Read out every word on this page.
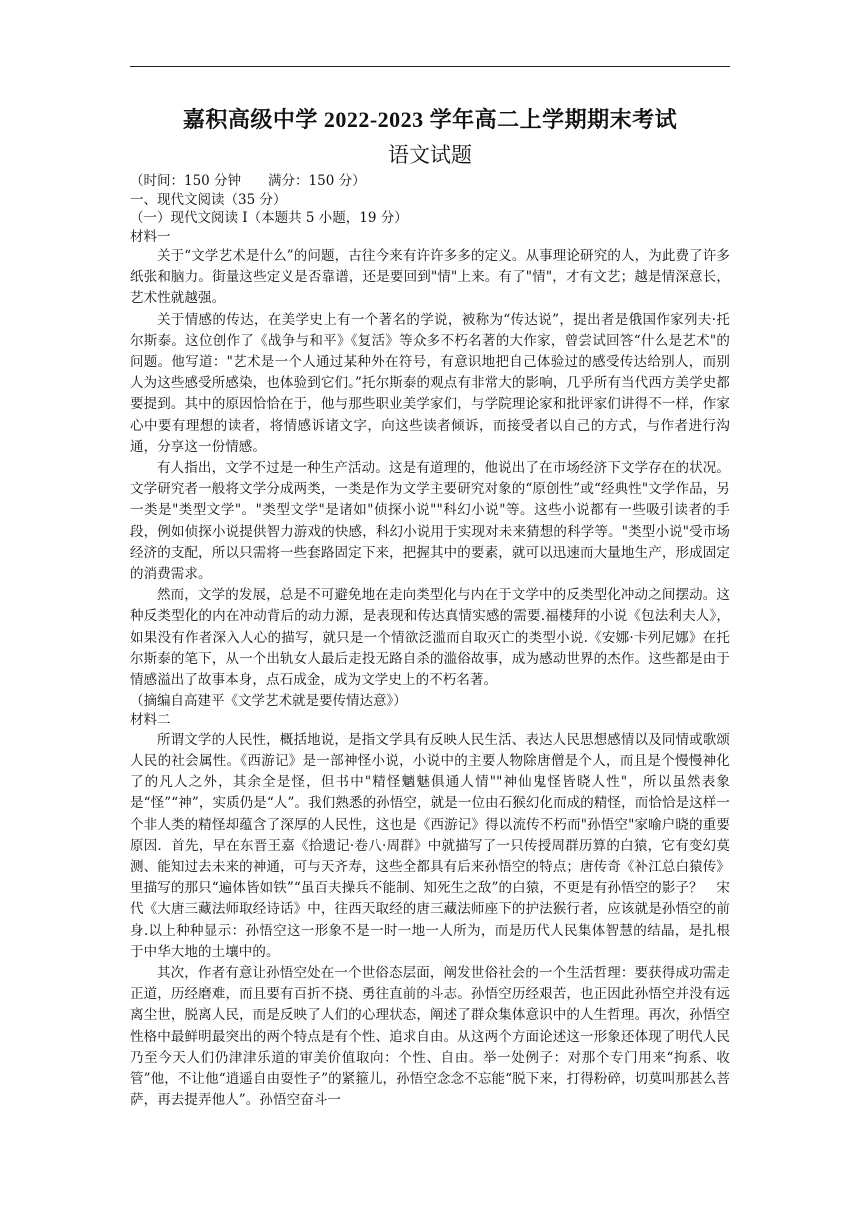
嘉积高级中学 2022-2023 学年高二上学期期末考试
语文试题

（时间：150 分钟　　满分：150 分）

一、现代文阅读（35 分）

（一）现代文阅读 I（本题共 5 小题，19 分）

材料一

关于“文学艺术是什么”的问题，古往今来有许许多多的定义。从事理论研究的人，为此费了许多纸张和脑力。街量这些定义是否靠谱，还是要回到"情"上来。有了"情"，才有文艺；越是情深意长，艺术性就越强。

关于情感的传达，在美学史上有一个著名的学说，被称为“传达说”，提出者是俄国作家列夫·托尔斯泰。这位创作了《战争与和平》《复活》等众多不朽名著的大作家，曾尝试回答“什么是艺术"的问题。他写道："艺术是一个人通过某种外在符号，有意识地把自己体验过的感受传达给别人，而别人为这些感受所感染，也体验到它们。”托尔斯泰的观点有非常大的影响，几乎所有当代西方美学史都要提到。其中的原因恰恰在于，他与那些职业美学家们，与学院理论家和批评家们讲得不一样，作家心中要有理想的读者，将情感诉诸文字，向这些读者倾诉，而接受者以自己的方式，与作者进行沟通，分享这一份情感。

有人指出，文学不过是一种生产活动。这是有道理的，他说出了在市场经济下文学存在的状况。文学研究者一般将文学分成两类，一类是作为文学主要研究对象的“原创性”或“经典性"文学作品，另一类是"类型文学"。"类型文学"是诸如"侦探小说""科幻小说"等。这些小说都有一些吸引读者的手段，例如侦探小说提供智力游戏的快感，科幻小说用于实现对未来猜想的科学等。"类型小说"受市场经济的支配，所以只需将一些套路固定下来，把握其中的要素，就可以迅速而大量地生产，形成固定的消费需求。

然而，文学的发展，总是不可避免地在走向类型化与内在于文学中的反类型化冲动之间摆动。这种反类型化的内在冲动背后的动力源，是表现和传达真情实感的需要.福楼拜的小说《包法利夫人》，如果没有作者深入人心的描写，就只是一个情欲泛滥而自取灭亡的类型小说.《安娜·卡列尼娜》在托尔斯泰的笔下，从一个出轨女人最后走投无路自杀的滥俗故事，成为感动世界的杰作。这些都是由于情感溢出了故事本身，点石成金，成为文学史上的不朽名著。

（摘编自高建平《文学艺术就是要传情达意》）

材料二

所谓文学的人民性，概括地说，是指文学具有反映人民生活、表达人民思想感情以及同情或歌颂人民的社会属性。《西游记》是一部神怪小说，小说中的主要人物除唐僧是个人，而且是个慢慢神化了的凡人之外，其余全是怪，但书中"精怪魑魅俱通人情""神仙鬼怪皆晓人性"，所以虽然表象是“怪”“神”，实质仍是“人”。我们熟悉的孙悟空，就是一位由石猴幻化而成的精怪，而恰恰是这样一个非人类的精怪却蕴含了深厚的人民性，这也是《西游记》得以流传不朽而"孙悟空"家喻户晓的重要原因．首先，早在东晋王嘉《拾遗记·卷八·周群》中就描写了一只传授周群历算的白猿，它有变幻莫测、能知过去未来的神通，可与天齐寿，这些全都具有后来孙悟空的特点；唐传奇《补江总白猿传》里描写的那只“遍体皆如铁”“虽百夫操兵不能制、知死生之敌”的白猿，不更是有孙悟空的影子？　宋代《大唐三藏法师取经诗话》中，往西天取经的唐三藏法师座下的护法猴行者，应该就是孙悟空的前身.以上种种显示：孙悟空这一形象不是一时一地一人所为，而是历代人民集体智慧的结晶，是扎根于中华大地的土壤中的。

其次，作者有意让孙悟空处在一个世俗态层面，阐发世俗社会的一个生活哲理：要获得成功需走正道，历经磨难，而且要有百折不挠、勇往直前的斗志。孙悟空历经艰苦，也正因此孙悟空并没有远离尘世，脱离人民，而是反映了人们的心理状态，阐述了群众集体意识中的人生哲理。再次，孙悟空性格中最鲜明最突出的两个特点是有个性、追求自由。从这两个方面论述这一形象还体现了明代人民乃至今天人们仍津津乐道的审美价值取向：个性、自由。举一处例子：对那个专门用来“拘系、收管”他，不让他“逍遥自由耍性子”的紧箍儿，孙悟空念念不忘能“脱下来，打得粉碎，切莫叫那甚么菩萨，再去提弄他人”。孙悟空奋斗一
